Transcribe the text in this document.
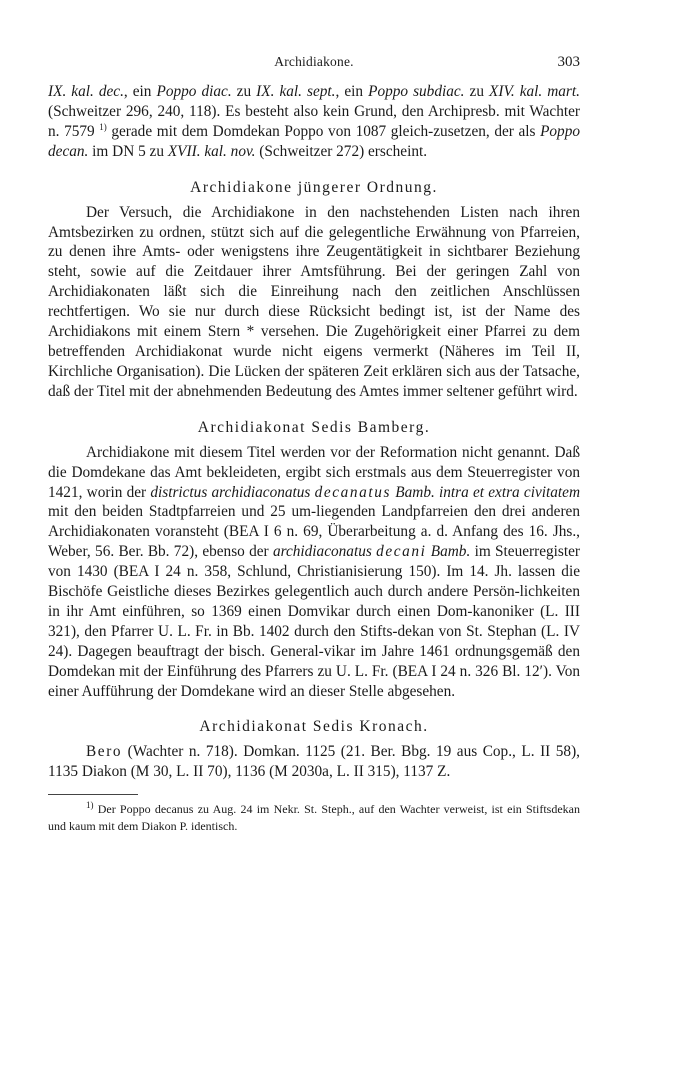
Archidiakone.	303

IX. kal. dec., ein Poppo diac. zu IX. kal. sept., ein Poppo subdiac. zu XIV. kal. mart. (Schweitzer 296, 240, 118). Es besteht also kein Grund, den Archipresb. mit Wachter n. 7579 $^{1)}$ gerade mit dem Domdekan Poppo von 1087 gleich-zusetzen, der als Poppo decan. im DN 5 zu XVII. kal. nov. (Schweitzer 272) erscheint.

Archidiakone jüngerer Ordnung.

Der Versuch, die Archidiakone in den nachstehenden Listen nach ihren Amtsbezirken zu ordnen, stützt sich auf die gelegentliche Erwähnung von Pfarreien, zu denen ihre Amts- oder wenigstens ihre Zeugentätigkeit in sichtbarer Beziehung steht, sowie auf die Zeitdauer ihrer Amtsführung. Bei der geringen Zahl von Archidiakonaten läßt sich die Einreihung nach den zeitlichen Anschlüssen rechtfertigen. Wo sie nur durch diese Rücksicht bedingt ist, ist der Name des Archidiakons mit einem Stern * versehen. Die Zugehörigkeit einer Pfarrei zu dem betreffenden Archidiakonat wurde nicht eigens vermerkt (Näheres im Teil II, Kirchliche Organisation). Die Lücken der späteren Zeit erklären sich aus der Tatsache, daß der Titel mit der abnehmenden Bedeutung des Amtes immer seltener geführt wird.

Archidiakonat Sedis Bamberg.

Archidiakone mit diesem Titel werden vor der Reformation nicht genannt. Daß die Domdekane das Amt bekleideten, ergibt sich erstmals aus dem Steuerregister von 1421, worin der districtus archidiaconatus decanatus Bamb. intra et extra civitatem mit den beiden Stadtpfarreien und 25 um-liegenden Landpfarreien den drei anderen Archidiakonaten voransteht (BEA I 6 n. 69, Überarbeitung a. d. Anfang des 16. Jhs., Weber, 56. Ber. Bb. 72), ebenso der archidiaconatus decani Bamb. im Steuerregister von 1430 (BEA I 24 n. 358, Schlund, Christianisierung 150). Im 14. Jh. lassen die Bischöfe Geistliche dieses Bezirkes gelegentlich auch durch andere Persön-lichkeiten in ihr Amt einführen, so 1369 einen Domvikar durch einen Dom-kanoniker (L. III 321), den Pfarrer U. L. Fr. in Bb. 1402 durch den Stifts-dekan von St. Stephan (L. IV 24). Dagegen beauftragt der bisch. General-vikar im Jahre 1461 ordnungsgemäß den Domdekan mit der Einführung des Pfarrers zu U. L. Fr. (BEA I 24 n. 326 Bl. 12′). Von einer Aufführung der Domdekane wird an dieser Stelle abgesehen.

Archidiakonat Sedis Kronach.

Bero (Wachter n. 718). Domkan. 1125 (21. Ber. Bbg. 19 aus Cop., L. II 58), 1135 Diakon (M 30, L. II 70), 1136 (M 2030a, L. II 315), 1137 Z.

$^{1)}$ Der Poppo decanus zu Aug. 24 im Nekr. St. Steph., auf den Wachter verweist, ist ein Stiftsdekan und kaum mit dem Diakon P. identisch.
